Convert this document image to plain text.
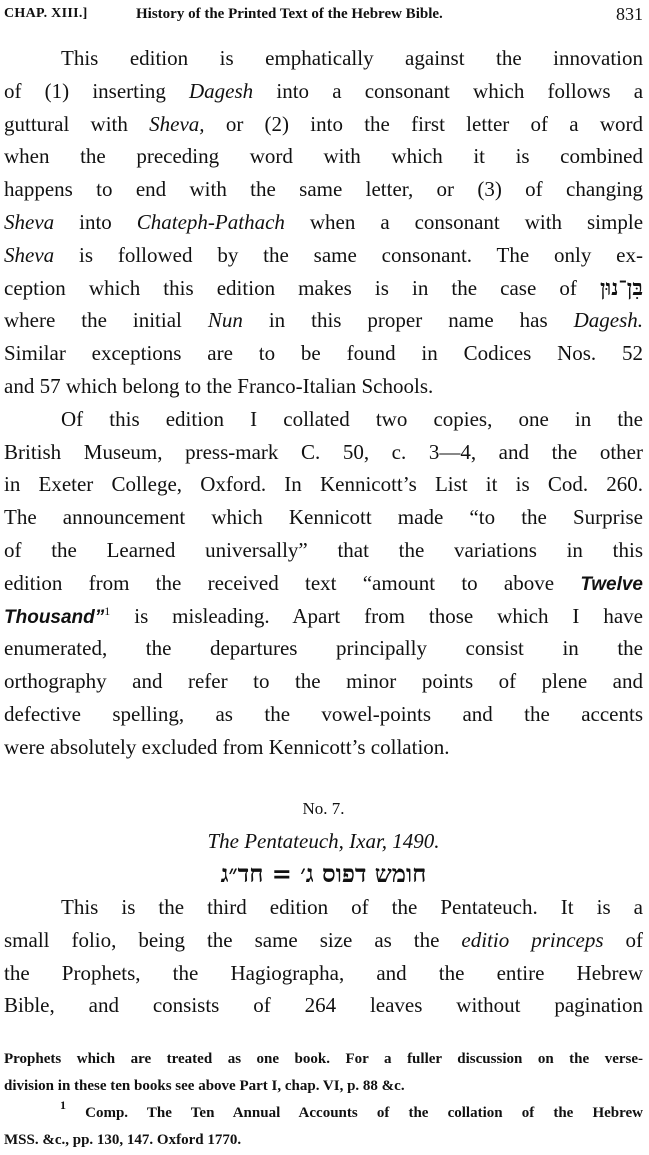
CHAP. XIII.]	History of the Printed Text of the Hebrew Bible.	831
This edition is emphatically against the innovation
of (1) inserting Dagesh into a consonant which follows a
guttural with Sheva, or (2) into the first letter of a word
when the preceding word with which it is combined
happens to end with the same letter, or (3) of changing
Sheva into Chateph-Pathach when a consonant with simple
Sheva is followed by the same consonant. The only ex-
ception which this edition makes is in the case of בִּן־נוּן
where the initial Nun in this proper name has Dagesh.
Similar exceptions are to be found in Codices Nos. 52
and 57 which belong to the Franco-Italian Schools.
Of this edition I collated two copies, one in the
British Museum, press-mark C. 50, c. 3—4, and the other
in Exeter College, Oxford. In Kennicott’s List it is Cod. 260.
The announcement which Kennicott made “to the Surprise
of the Learned universally” that the variations in this
edition from the received text “amount to above Twelve
Thousand”$^1$ is misleading. Apart from those which I have
enumerated, the departures principally consist in the
orthography and refer to the minor points of plene and
defective spelling, as the vowel-points and the accents
were absolutely excluded from Kennicott’s collation.
No. 7.
The Pentateuch, Ixar, 1490.
חומש דפוס ג׳ = חד״ג
This is the third edition of the Pentateuch. It is a
small folio, being the same size as the editio princeps of
the Prophets, the Hagiographa, and the entire Hebrew
Bible, and consists of 264 leaves without pagination
Prophets which are treated as one book. For a fuller discussion on the verse-
division in these ten books see above Part I, chap. VI, p. 88 &c.
$^1$ Comp. The Ten Annual Accounts of the collation of the Hebrew
MSS. &c., pp. 130, 147. Oxford 1770.
